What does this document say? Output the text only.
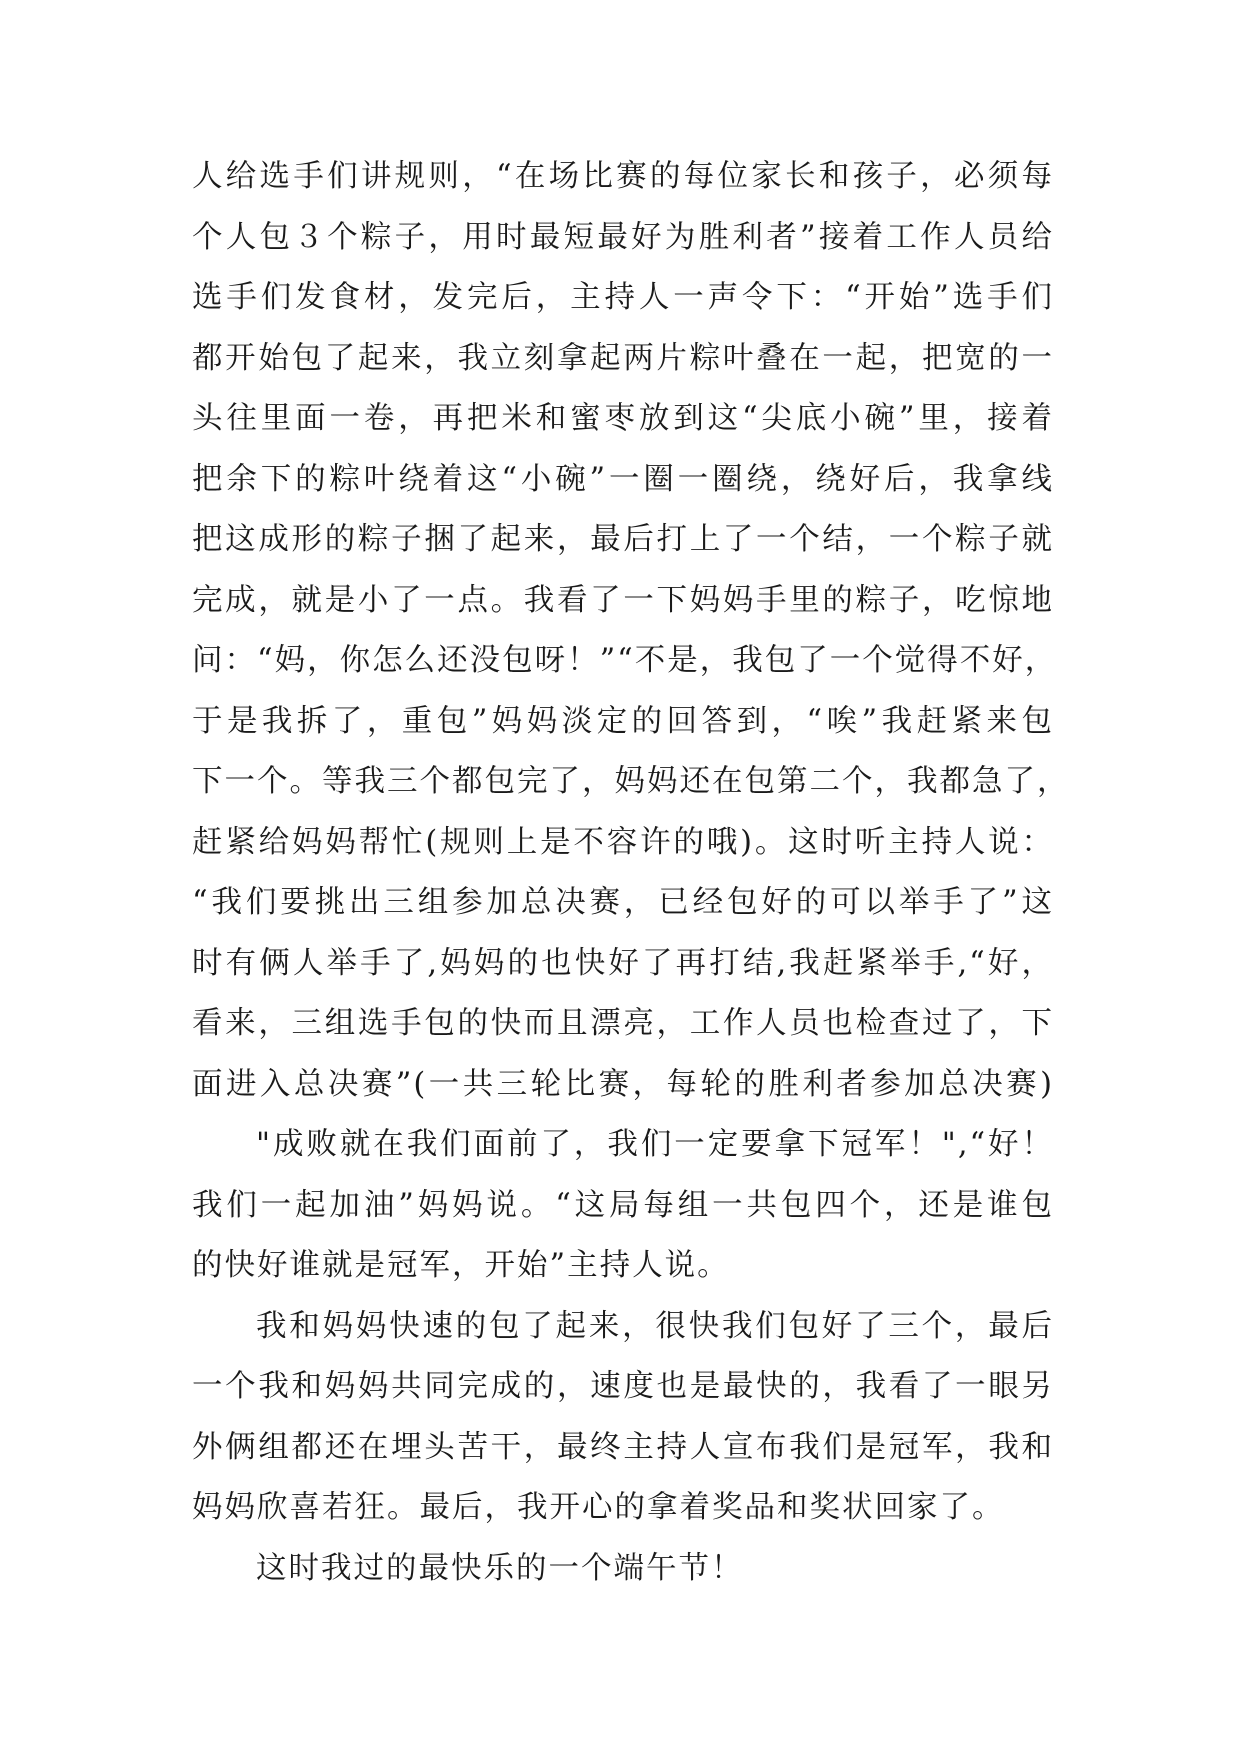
人给选手们讲规则，“在场比赛的每位家长和孩子，必须每
个人包３个粽子，用时最短最好为胜利者”接着工作人员给
选手们发食材，发完后，主持人一声令下：“开始”选手们
都开始包了起来，我立刻拿起两片粽叶叠在一起，把宽的一
头往里面一卷，再把米和蜜枣放到这“尖底小碗”里，接着
把余下的粽叶绕着这“小碗”一圈一圈绕，绕好后，我拿线
把这成形的粽子捆了起来，最后打上了一个结，一个粽子就
完成，就是小了一点。我看了一下妈妈手里的粽子，吃惊地
问：“妈，你怎么还没包呀！”“不是，我包了一个觉得不好，
于是我拆了，重包”妈妈淡定的回答到，“唉”我赶紧来包
下一个。等我三个都包完了，妈妈还在包第二个，我都急了，
赶紧给妈妈帮忙(规则上是不容许的哦)。这时听主持人说：
“我们要挑出三组参加总决赛，已经包好的可以举手了”这
时有俩人举手了,妈妈的也快好了再打结,我赶紧举手,“好，
看来，三组选手包的快而且漂亮，工作人员也检查过了，下
面进入总决赛”(一共三轮比赛，每轮的胜利者参加总决赛)
"成败就在我们面前了，我们一定要拿下冠军！",“好！
我们一起加油”妈妈说。“这局每组一共包四个，还是谁包
的快好谁就是冠军，开始”主持人说。
我和妈妈快速的包了起来，很快我们包好了三个，最后
一个我和妈妈共同完成的，速度也是最快的，我看了一眼另
外俩组都还在埋头苦干，最终主持人宣布我们是冠军，我和
妈妈欣喜若狂。最后，我开心的拿着奖品和奖状回家了。
这时我过的最快乐的一个端午节！
